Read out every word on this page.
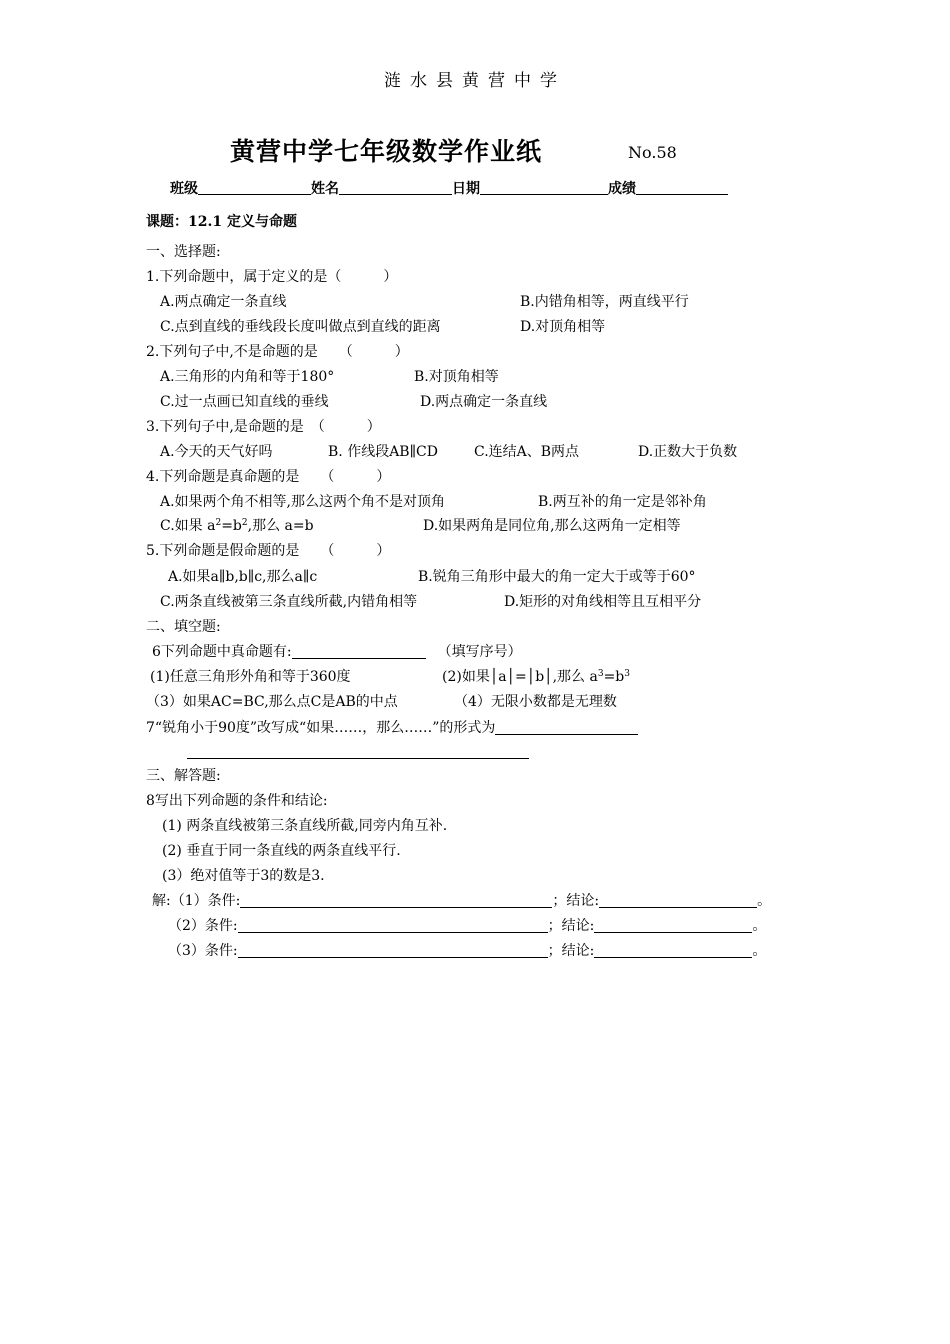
涟水县黄营中学
黄营中学七年级数学作业纸	No.58
班级	姓名	日期	成绩
课题：12.1 定义与命题
一、选择题:
1.下列命题中，属于定义的是（　　　）
A.两点确定一条直线	B.内错角相等，两直线平行
C.点到直线的垂线段长度叫做点到直线的距离	D.对顶角相等
2.下列句子中,不是命题的是　　（　　　）
A.三角形的内角和等于180°	B.对顶角相等
C.过一点画已知直线的垂线	D.两点确定一条直线
3.下列句子中,是命题的是　（　　　）
A.今天的天气好吗	B. 作线段AB∥CD	C.连结A、B两点	D.正数大于负数
4.下列命题是真命题的是　　（　　　）
A.如果两个角不相等,那么这两个角不是对顶角	B.两互补的角一定是邻补角
C.如果 $a^2=b^2$,那么 a=b	D.如果两角是同位角,那么这两角一定相等
5.下列命题是假命题的是　　（　　　）
A.如果a∥b,b∥c,那么a∥c	B.锐角三角形中最大的角一定大于或等于60°
C.两条直线被第三条直线所截,内错角相等	D.矩形的对角线相等且互相平分
二、填空题:
6下列命题中真命题有:	（填写序号）
(1)任意三角形外角和等于360度	(2)如果│a│=│b│,那么 $a^3=b^3$
（3）如果AC=BC,那么点C是AB的中点	（4）无限小数都是无理数
7“锐角小于90度”改写成“如果……，那么……”的形式为
三、解答题:
8写出下列命题的条件和结论:
(1) 两条直线被第三条直线所截,同旁内角互补.
(2) 垂直于同一条直线的两条直线平行.
(3）绝对值等于3的数是3.
解:（1）条件:	；结论:	。
（2）条件:	；结论:	。
（3）条件:	；结论:	。
